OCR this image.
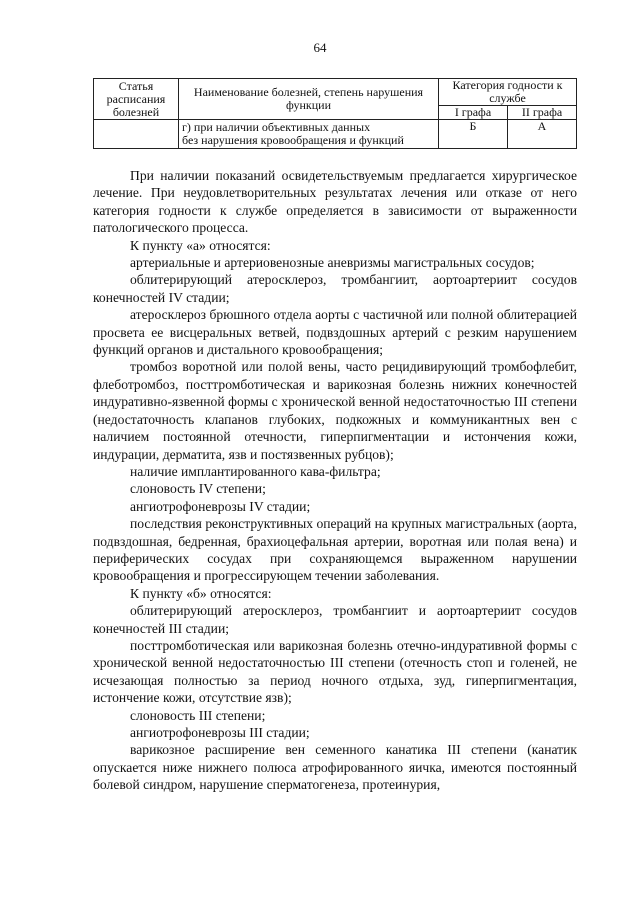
64
Статья расписания болезней	Наименование болезней, степень нарушения функции	Категория годности к службе	
		I графа	II графа

	г) при наличии объективных данных
без нарушения кровообращения и функций	Б	А

При наличии показаний освидетельствуемым предлагается хирургическое лечение. При неудовлетворительных результатах лечения или отказе от него категория годности к службе определяется в зависимости от выраженности патологического процесса.

К пункту «а» относятся:

артериальные и артериовенозные аневризмы магистральных сосудов;

облитерирующий атеросклероз, тромбангиит, аортоартериит сосудов конечностей IV стадии;

атеросклероз брюшного отдела аорты с частичной или полной облитерацией просвета ее висцеральных ветвей, подвздошных артерий с резким нарушением функций органов и дистального кровообращения;

тромбоз воротной или полой вены, часто рецидивирующий тромбофлебит, флеботромбоз, посттромботическая и варикозная болезнь нижних конечностей индуративно-язвенной формы с хронической венной недостаточностью III степени (недостаточность клапанов глубоких, подкожных и коммуникантных вен с наличием постоянной отечности, гиперпигментации и истончения кожи, индурации, дерматита, язв и постязвенных рубцов);

наличие имплантированного кава-фильтра;

слоновость IV степени;

ангиотрофоневрозы IV стадии;

последствия реконструктивных операций на крупных магистральных (аорта, подвздошная, бедренная, брахиоцефальная артерии, воротная или полая вена) и периферических сосудах при сохраняющемся выраженном нарушении кровообращения и прогрессирующем течении заболевания.

К пункту «б» относятся:

облитерирующий атеросклероз, тромбангиит и аортоартериит сосудов конечностей III стадии;

посттромботическая или варикозная болезнь отечно-индуративной формы с хронической венной недостаточностью III степени (отечность стоп и голеней, не исчезающая полностью за период ночного отдыха, зуд, гиперпигментация, истончение кожи, отсутствие язв);

слоновость III степени;

ангиотрофоневрозы III стадии;

варикозное расширение вен семенного канатика III степени (канатик опускается ниже нижнего полюса атрофированного яичка, имеются постоянный болевой синдром, нарушение сперматогенеза, протеинурия,
